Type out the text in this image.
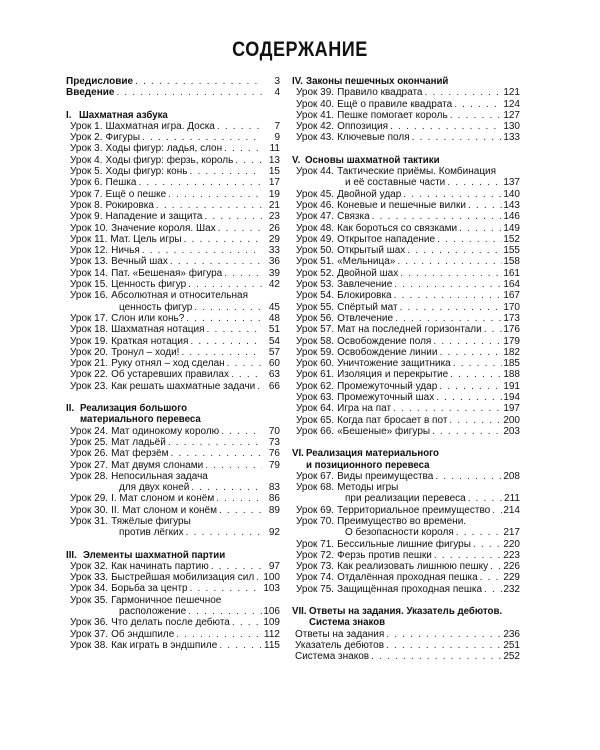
СОДЕРЖАНИЕ
Предисловие . . .	3
Введение . . .	4
I. Шахматная азбука
Урок 1. Шахматная игра. Доска . . .	7
Урок 2. Фигуры . . .	9
Урок 3. Ходы фигур: ладья, слон . . .	11
Урок 4. Ходы фигур: ферзь, король . . .	13
Урок 5. Ходы фигур: конь . . .	15
Урок 6. Пешка . . .	17
Урок 7. Ещё о пешке . . .	19
Урок 8. Рокировка . . .	21
Урок 9. Нападение и защита . . .	23
Урок 10. Значение короля. Шах . . .	26
Урок 11. Мат. Цель игры . . .	29
Урок 12. Ничья . . .	33
Урок 13. Вечный шах . . .	36
Урок 14. Пат. «Бешеная» фигура . . .	39
Урок 15. Ценность фигур . . .	42
Урок 16. Абсолютная и относительная
ценность фигур . . .	45
Урок 17. Слон или конь? . . .	48
Урок 18. Шахматная нотация . . .	51
Урок 19. Краткая нотация . . .	54
Урок 20. Тронул – ходи! . . .	57
Урок 21. Руку отнял – ход сделан . . .	60
Урок 22. Об устаревших правилах . . .	63
Урок 23. Как решать шахматные задачи . . .	66
II. Реализация большого
материального перевеса
Урок 24. Мат одинокому королю . . .	70
Урок 25. Мат ладьёй . . .	73
Урок 26. Мат ферзём . . .	76
Урок 27. Мат двумя слонами . . .	79
Урок 28. Непосильная задача
для двух коней . . .	83
Урок 29. I. Мат слоном и конём . . .	86
Урок 30. II. Мат слоном и конём . . .	89
Урок 31. Тяжёлые фигуры
против лёгких . . .	92
III. Элементы шахматной партии
Урок 32. Как начинать партию . . .	97
Урок 33. Быстрейшая мобилизация сил . . . 100
Урок 34. Борьба за центр . . .	103
Урок 35. Гармоничное пешечное
расположение . . .	106
Урок 36. Что делать после дебюта . . .	109
Урок 37. Об эндшпиле . . .	112
Урок 38. Как играть в эндшпиле . . .	115
IV. Законы пешечных окончаний
Урок 39. Правило квадрата . . .	121
Урок 40. Ещё о правиле квадрата . . .	124
Урок 41. Пешке помогает король . . .	127
Урок 42. Оппозиция . . .	130
Урок 43. Ключевые поля . . .	133
V. Основы шахматной тактики
Урок 44. Тактические приёмы. Комбинация
и её составные части . . .	137
Урок 45. Двойной удар . . .	140
Урок 46. Коневые и пешечные вилки . . .	143
Урок 47. Связка . . .	146
Урок 48. Как бороться со связками . . .	149
Урок 49. Открытое нападение . . .	152
Урок 50. Открытый шах . . .	155
Урок 51. «Мельница» . . .	158
Урок 52. Двойной шах . . .	161
Урок 53. Завлечение . . .	164
Урок 54. Блокировка . . .	167
Урок 55. Спёртый мат . . .	170
Урок 56. Отвлечение . . .	173
Урок 57. Мат на последней горизонтали . . . 176
Урок 58. Освобождение поля . . .	179
Урок 59. Освобождение линии . . .	182
Урок 60. Уничтожение защитника . . .	185
Урок 61. Изоляция и перекрытие . . .	188
Урок 62. Промежуточный удар . . .	191
Урок 63. Промежуточный шах . . .	194
Урок 64. Игра на пат . . .	197
Урок 65. Когда пат бросает в пот . . .	200
Урок 66. «Бешеные» фигуры . . .	203
VI. Реализация материального
и позиционного перевеса
Урок 67. Виды преимущества . . .	208
Урок 68. Методы игры
при реализации перевеса . . .	211
Урок 69. Территориальное преимущество . . . 214
Урок 70. Преимущество во времени.
О безопасности короля . . .	217
Урок 71. Бессильные лишние фигуры . . .	220
Урок 72. Ферзь против пешки . . .	223
Урок 73. Как реализовать лишнюю пешку . . . 226
Урок 74. Отдалённая проходная пешка . . .	229
Урок 75. Защищённая проходная пешка . . . 232
VII. Ответы на задания. Указатель дебютов.
Система знаков
Ответы на задания . . .	236
Указатель дебютов . . .	251
Система знаков . . .	252
